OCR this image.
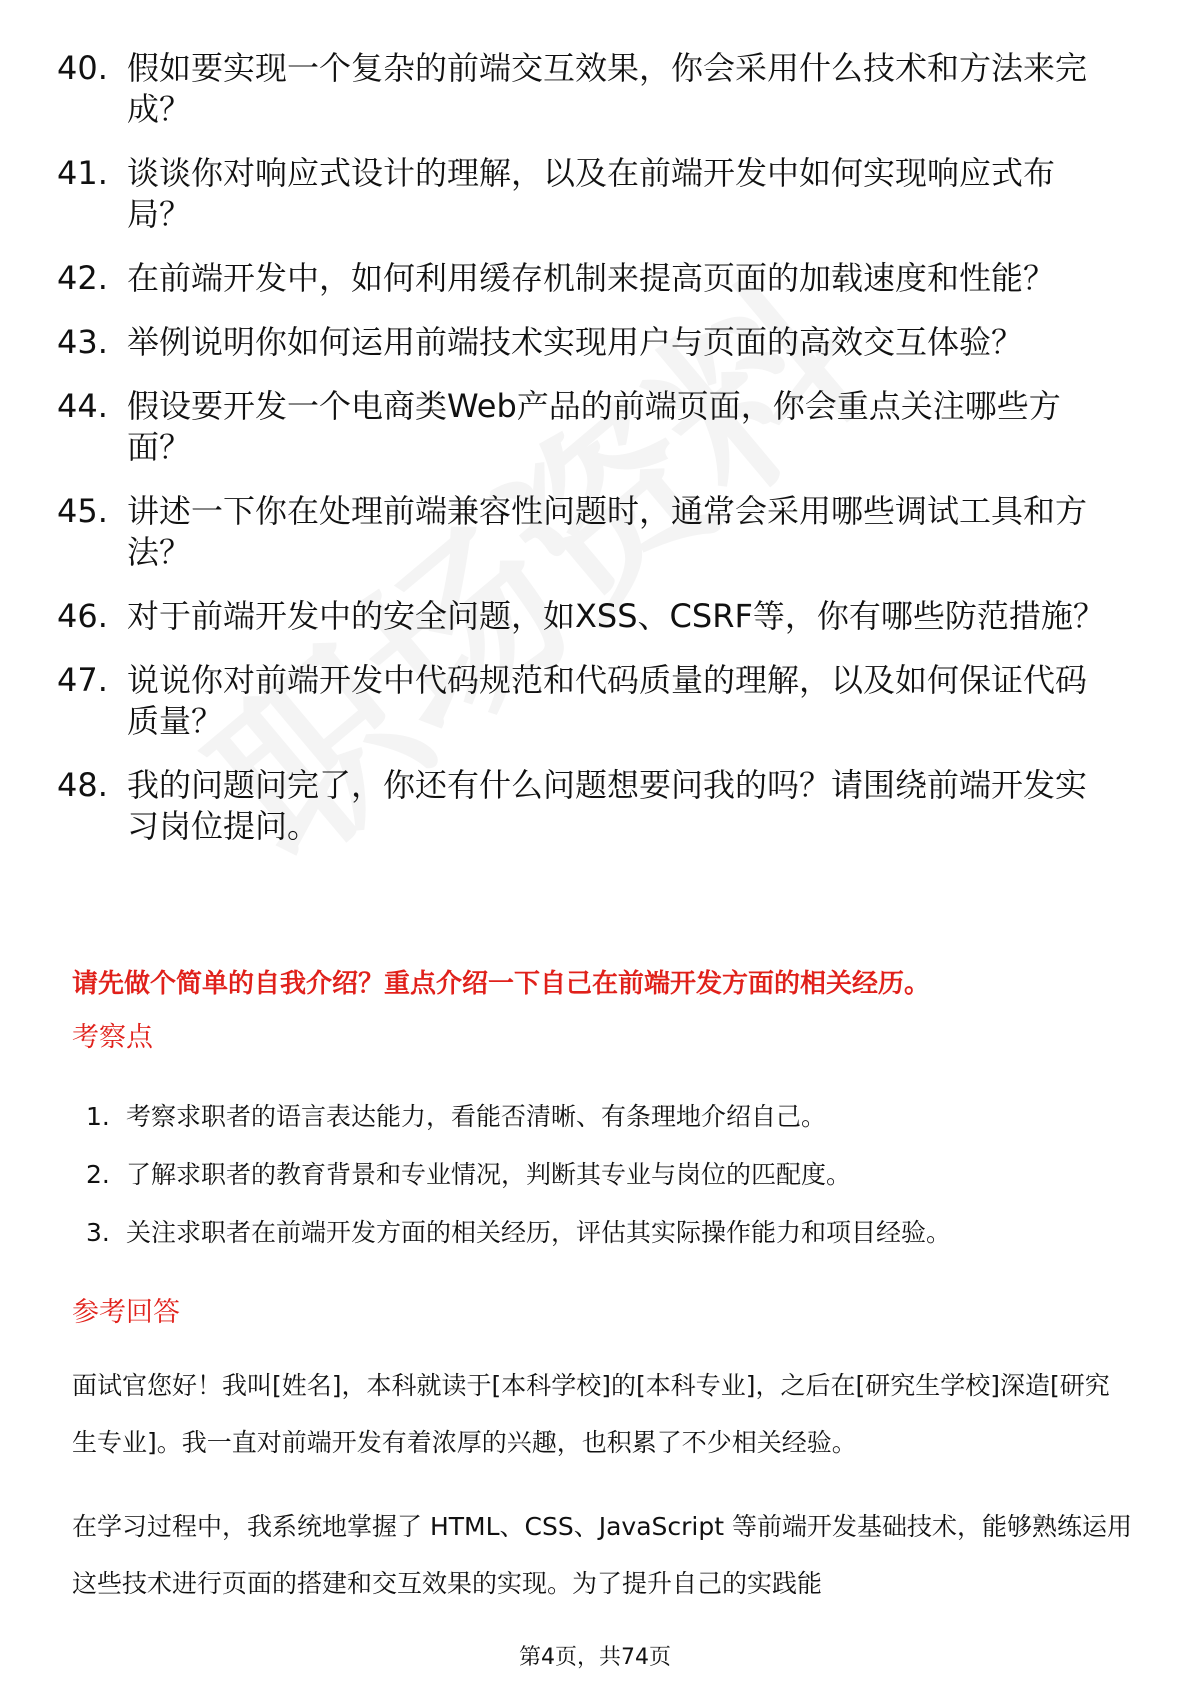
40. 假如要实现一个复杂的前端交互效果，你会采用什么技术和方法来完成？
41. 谈谈你对响应式设计的理解，以及在前端开发中如何实现响应式布局？
42. 在前端开发中，如何利用缓存机制来提高页面的加载速度和性能？
43. 举例说明你如何运用前端技术实现用户与页面的高效交互体验？
44. 假设要开发一个电商类Web产品的前端页面，你会重点关注哪些方面？
45. 讲述一下你在处理前端兼容性问题时，通常会采用哪些调试工具和方法？
46. 对于前端开发中的安全问题，如XSS、CSRF等，你有哪些防范措施？
47. 说说你对前端开发中代码规范和代码质量的理解，以及如何保证代码质量？
48. 我的问题问完了，你还有什么问题想要问我的吗？请围绕前端开发实习岗位提问。
请先做个简单的自我介绍？重点介绍一下自己在前端开发方面的相关经历。
考察点
1. 考察求职者的语言表达能力，看能否清晰、有条理地介绍自己。
2. 了解求职者的教育背景和专业情况，判断其专业与岗位的匹配度。
3. 关注求职者在前端开发方面的相关经历，评估其实际操作能力和项目经验。
参考回答
面试官您好！我叫[姓名]，本科就读于[本科学校]的[本科专业]，之后在[研究生学校]深造[研究生专业]。我一直对前端开发有着浓厚的兴趣，也积累了不少相关经验。
在学习过程中，我系统地掌握了 HTML、CSS、JavaScript 等前端开发基础技术，能够熟练运用这些技术进行页面的搭建和交互效果的实现。为了提升自己的实践能
第4页，共74页
